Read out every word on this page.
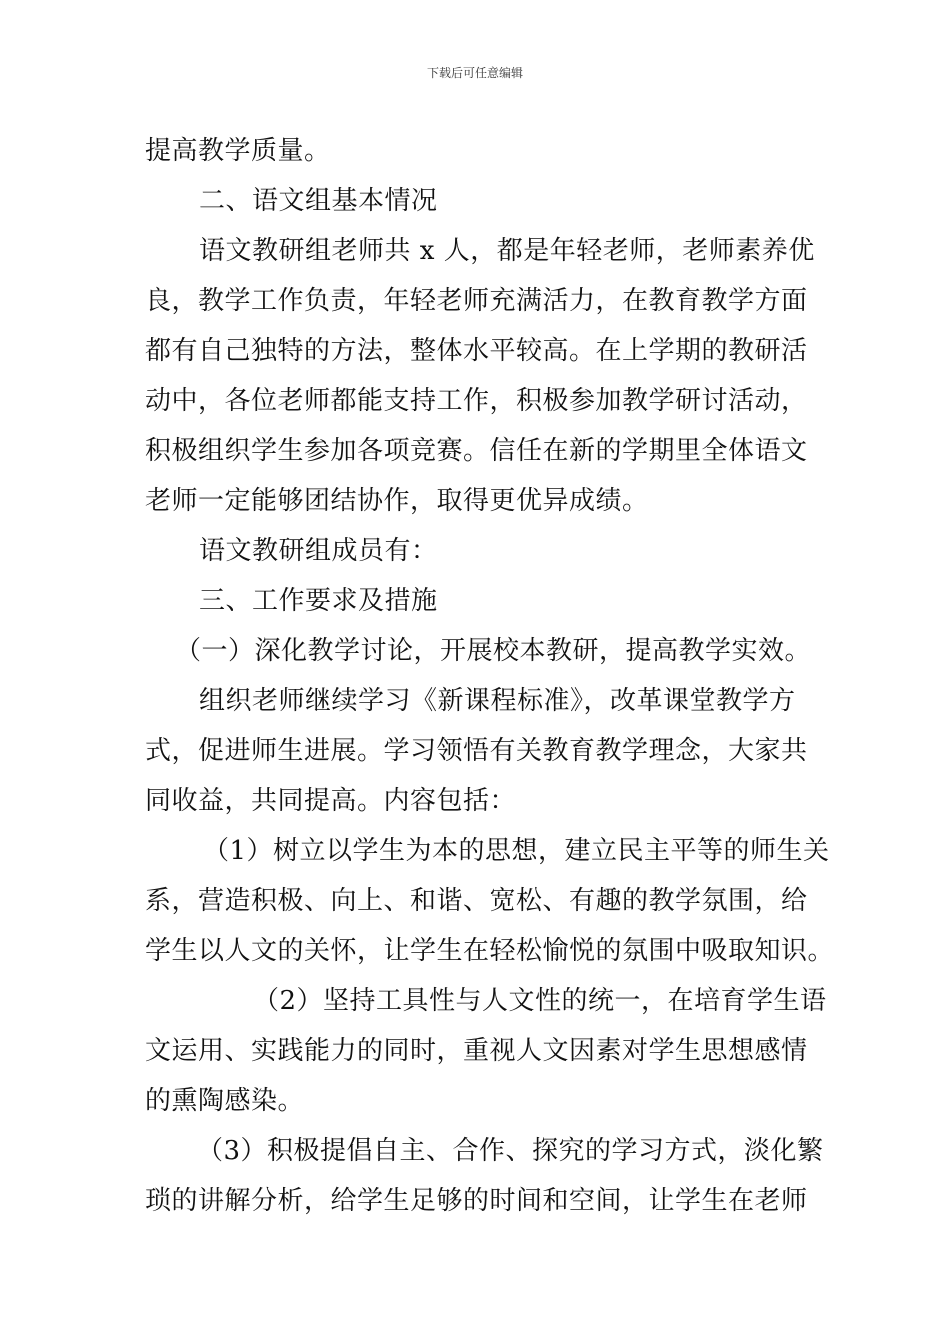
下载后可任意编辑
提高教学质量。
二、语文组基本情况
语文教研组老师共 x 人，都是年轻老师，老师素养优
良，教学工作负责，年轻老师充满活力，在教育教学方面
都有自己独特的方法，整体水平较高。在上学期的教研活
动中，各位老师都能支持工作，积极参加教学研讨活动，
积极组织学生参加各项竞赛。信任在新的学期里全体语文
老师一定能够团结协作，取得更优异成绩。
语文教研组成员有：
三、工作要求及措施
（一）深化教学讨论，开展校本教研，提高教学实效。
组织老师继续学习《新课程标准》，改革课堂教学方
式，促进师生进展。学习领悟有关教育教学理念，大家共
同收益，共同提高。内容包括：
（1）树立以学生为本的思想，建立民主平等的师生关
系，营造积极、向上、和谐、宽松、有趣的教学氛围，给
学生以人文的关怀，让学生在轻松愉悦的氛围中吸取知识。
（2）坚持工具性与人文性的统一，在培育学生语
文运用、实践能力的同时，重视人文因素对学生思想感情
的熏陶感染。
（3）积极提倡自主、合作、探究的学习方式，淡化繁
琐的讲解分析，给学生足够的时间和空间，让学生在老师
